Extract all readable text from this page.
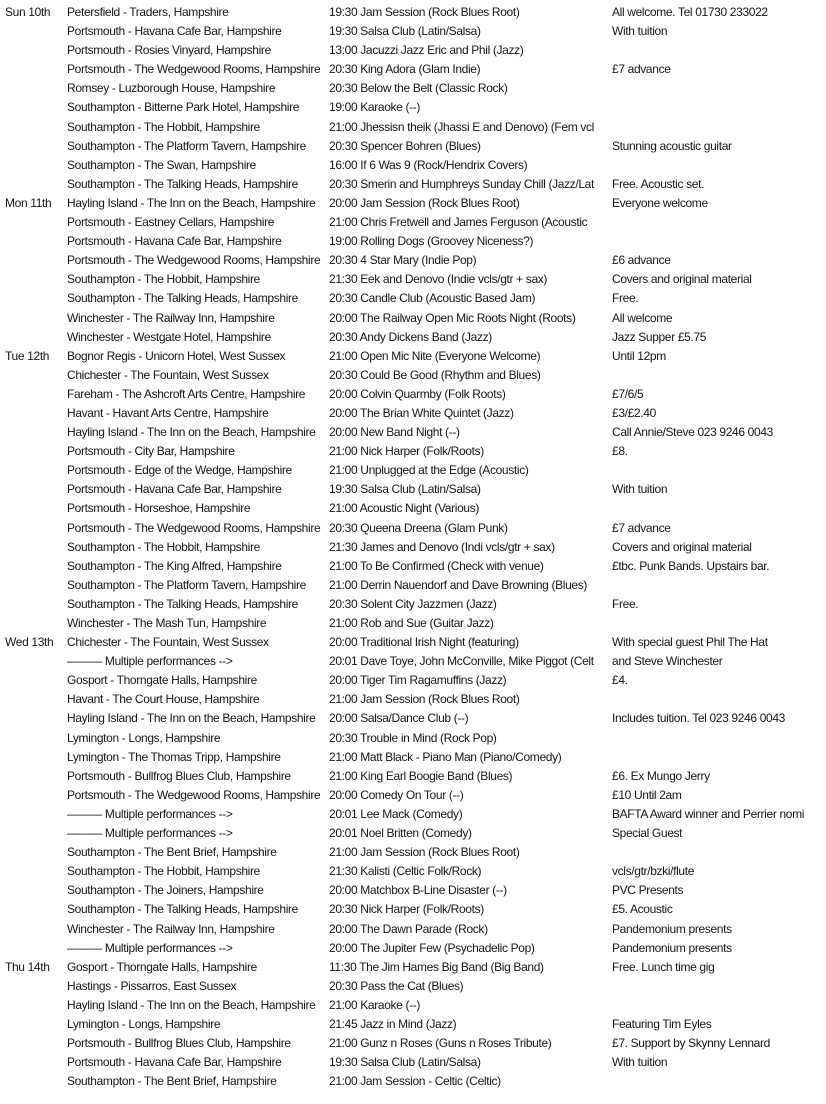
Sun 10th	Petersfield - Traders, Hampshire	19:30 Jam Session (Rock Blues Root)	All welcome. Tel 01730 233022
Portsmouth - Havana Cafe Bar, Hampshire	19:30 Salsa Club (Latin/Salsa)	With tuition
Portsmouth - Rosies Vinyard, Hampshire	13:00 Jacuzzi Jazz Eric and Phil (Jazz)
Portsmouth - The Wedgewood Rooms, Hampshire 20:30 King Adora (Glam Indie)	£7 advance
Romsey - Luzborough House, Hampshire	20:30 Below the Belt (Classic Rock)
Southampton - Bitterne Park Hotel, Hampshire	19:00 Karaoke (--)
Southampton - The Hobbit, Hampshire	21:00 Jhessisn theik (Jhassi E and Denovo) (Fem vcl
Southampton - The Platform Tavern, Hampshire	20:30 Spencer Bohren (Blues)	Stunning acoustic guitar
Southampton - The Swan, Hampshire	16:00 If 6 Was 9 (Rock/Hendrix Covers)
Southampton - The Talking Heads, Hampshire	20:30 Smerin and Humphreys Sunday Chill (Jazz/Lat	Free. Acoustic set.
Mon 11th	Hayling Island - The Inn on the Beach, Hampshire	20:00 Jam Session (Rock Blues Root)	Everyone welcome
Portsmouth - Eastney Cellars, Hampshire	21:00 Chris Fretwell and James Ferguson (Acoustic
Portsmouth - Havana Cafe Bar, Hampshire	19:00 Rolling Dogs (Groovey Niceness?)
Portsmouth - The Wedgewood Rooms, Hampshire 20:30 4 Star Mary (Indie Pop)	£6 advance
Southampton - The Hobbit, Hampshire	21:30 Eek and Denovo (Indie vcls/gtr + sax)	Covers and original material
Southampton - The Talking Heads, Hampshire	20:30 Candle Club (Acoustic Based Jam)	Free.
Winchester - The Railway Inn, Hampshire	20:00 The Railway Open Mic Roots Night (Roots)	All welcome
Winchester - Westgate Hotel, Hampshire	20:30 Andy Dickens Band (Jazz)	Jazz Supper £5.75
Tue 12th	Bognor Regis - Unicorn Hotel, West Sussex	21:00 Open Mic Nite (Everyone Welcome)	Until 12pm
Chichester - The Fountain, West Sussex	20:30 Could Be Good (Rhythm and Blues)
Fareham - The Ashcroft Arts Centre, Hampshire	20:00 Colvin Quarmby (Folk Roots)	£7/6/5
Havant - Havant Arts Centre, Hampshire	20:00 The Brian White Quintet (Jazz)	£3/£2.40
Hayling Island - The Inn on the Beach, Hampshire	20:00 New Band Night (--)	Call Annie/Steve 023 9246 0043
Portsmouth - City Bar, Hampshire	21:00 Nick Harper (Folk/Roots)	£8.
Portsmouth - Edge of the Wedge, Hampshire	21:00 Unplugged at the Edge (Acoustic)
Portsmouth - Havana Cafe Bar, Hampshire	19:30 Salsa Club (Latin/Salsa)	With tuition
Portsmouth - Horseshoe, Hampshire	21:00 Acoustic Night (Various)
Portsmouth - The Wedgewood Rooms, Hampshire 20:30 Queena Dreena (Glam Punk)	£7 advance
Southampton - The Hobbit, Hampshire	21:30 James and Denovo (Indi vcls/gtr + sax)	Covers and original material
Southampton - The King Alfred, Hampshire	21:00 To Be Confirmed (Check with venue)	£tbc. Punk Bands. Upstairs bar.
Southampton - The Platform Tavern, Hampshire	21:00 Derrin Nauendorf and Dave Browning (Blues)
Southampton - The Talking Heads, Hampshire	20:30 Solent City Jazzmen (Jazz)	Free.
Winchester - The Mash Tun, Hampshire	21:00 Rob and Sue (Guitar Jazz)
Wed 13th	Chichester - The Fountain, West Sussex	20:00 Traditional Irish Night (featuring)	With special guest Phil The Hat
——— Multiple performances -->	20:01 Dave Toye, John McConville, Mike Piggot (Celt	and Steve Winchester
Gosport - Thorngate Halls, Hampshire	20:00 Tiger Tim Ragamuffins (Jazz)	£4.
Havant - The Court House, Hampshire	21:00 Jam Session (Rock Blues Root)
Hayling Island - The Inn on the Beach, Hampshire	20:00 Salsa/Dance Club (--)	Includes tuition. Tel 023 9246 0043
Lymington - Longs, Hampshire	20:30 Trouble in Mind (Rock Pop)
Lymington - The Thomas Tripp, Hampshire	21:00 Matt Black - Piano Man (Piano/Comedy)
Portsmouth - Bullfrog Blues Club, Hampshire	21:00 King Earl Boogie Band (Blues)	£6. Ex Mungo Jerry
Portsmouth - The Wedgewood Rooms, Hampshire 20:00 Comedy On Tour (--)	£10 Until 2am
——— Multiple performances -->	20:01 Lee Mack (Comedy)	BAFTA Award winner and Perrier nomi
——— Multiple performances -->	20:01 Noel Britten (Comedy)	Special Guest
Southampton - The Bent Brief, Hampshire	21:00 Jam Session (Rock Blues Root)
Southampton - The Hobbit, Hampshire	21:30 Kalisti (Celtic Folk/Rock)	vcls/gtr/bzki/flute
Southampton - The Joiners, Hampshire	20:00 Matchbox B-Line Disaster (--)	PVC Presents
Southampton - The Talking Heads, Hampshire	20:30 Nick Harper (Folk/Roots)	£5. Acoustic
Winchester - The Railway Inn, Hampshire	20:00 The Dawn Parade (Rock)	Pandemonium presents
——— Multiple performances -->	20:00 The Jupiter Few (Psychadelic Pop)	Pandemonium presents
Thu 14th	Gosport - Thorngate Halls, Hampshire	11:30 The Jim Hames Big Band (Big Band)	Free. Lunch time gig
Hastings - Pissarros, East Sussex	20:30 Pass the Cat (Blues)
Hayling Island - The Inn on the Beach, Hampshire	21:00 Karaoke (--)
Lymington - Longs, Hampshire	21:45 Jazz in Mind (Jazz)	Featuring Tim Eyles
Portsmouth - Bullfrog Blues Club, Hampshire	21:00 Gunz n Roses (Guns n Roses Tribute)	£7. Support by Skynny Lennard
Portsmouth - Havana Cafe Bar, Hampshire	19:30 Salsa Club (Latin/Salsa)	With tuition
Southampton - The Bent Brief, Hampshire	21:00 Jam Session - Celtic (Celtic)
